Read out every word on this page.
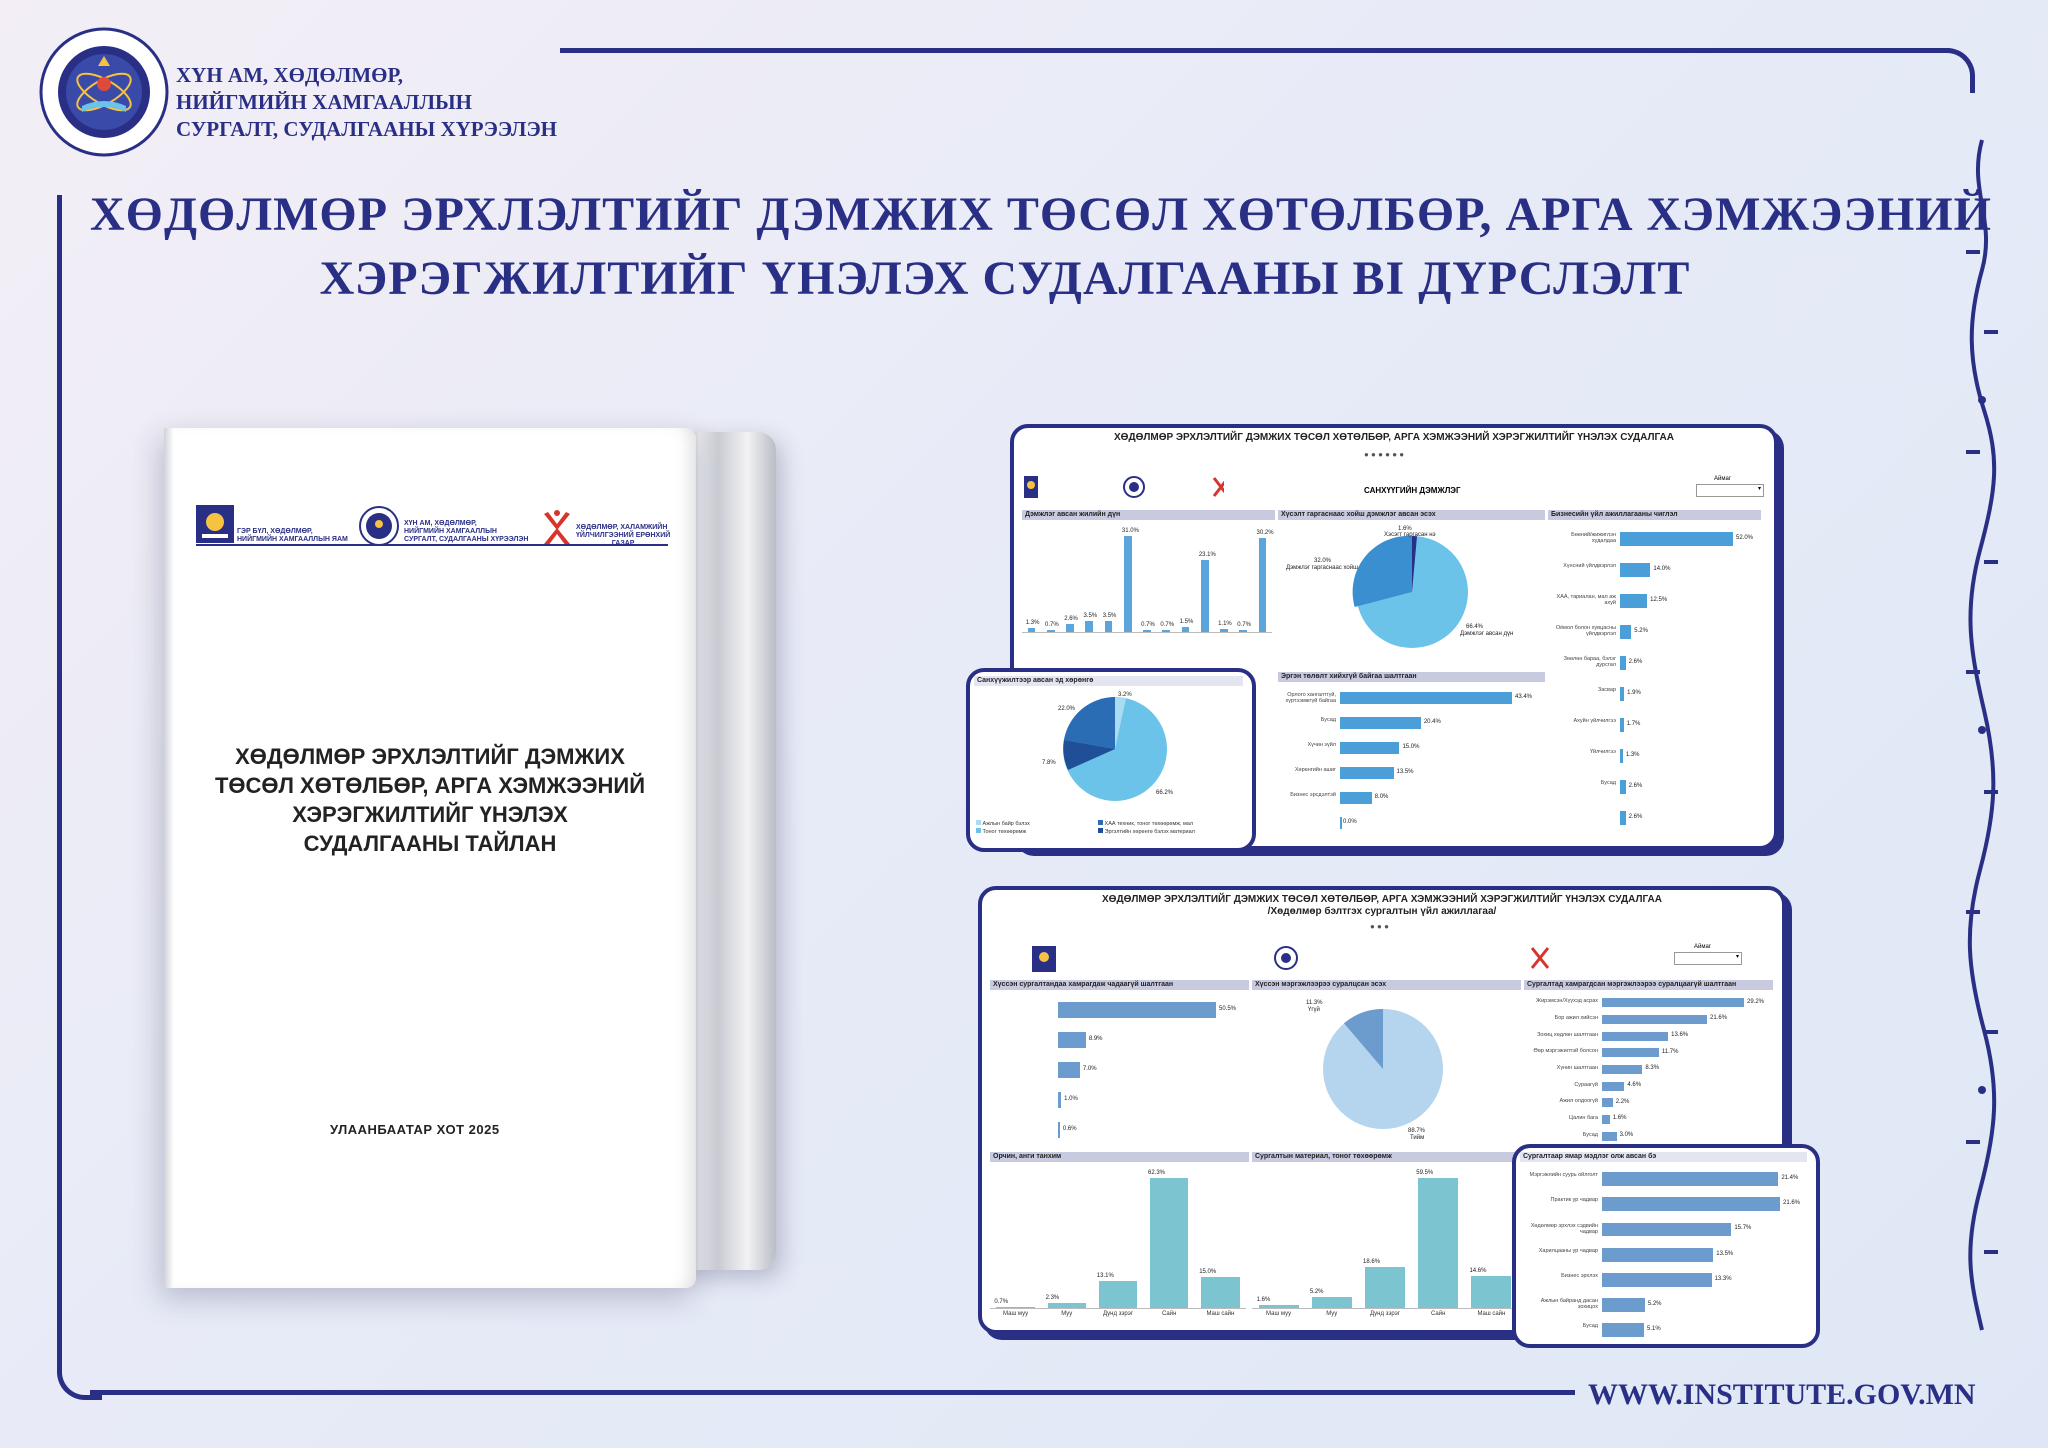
ХҮН АМ, ХӨДӨЛМӨР,
НИЙГМИЙН ХАМГААЛЛЫН
СУРГАЛТ, СУДАЛГААНЫ ХҮРЭЭЛЭН
ХӨДӨЛМӨР ЭРХЛЭЛТИЙГ ДЭМЖИХ ТӨСӨЛ ХӨТӨЛБӨР, АРГА ХЭМЖЭЭНИЙ
ХЭРЭГЖИЛТИЙГ ҮНЭЛЭХ СУДАЛГААНЫ BI ДҮРСЛЭЛТ
WWW.INSTITUTE.GOV.MN
ГЭР БҮЛ, ХӨДӨЛМӨР,
НИЙГМИЙН ХАМГААЛЛЫН ЯАМ
ХҮН АМ, ХӨДӨЛМӨР,
НИЙГМИЙН ХАМГААЛЛЫН
СУРГАЛТ, СУДАЛГААНЫ ХҮРЭЭЛЭН
ХӨДӨЛМӨР, ХАЛАМЖИЙН
ҮЙЛЧИЛГЭЭНИЙ ЕРӨНХИЙ
ХӨДӨЛМӨР ЭРХЛЭЛТИЙГ ДЭМЖИХ
ТӨСӨЛ ХӨТӨЛБӨР, АРГА ХЭМЖЭЭНИЙ
ХЭРЭГЖИЛТИЙГ ҮНЭЛЭХ
СУДАЛГААНЫ ТАЙЛАН
УЛААНБААТАР ХОТ 2025
ХӨДӨЛМӨР ЭРХЛЭЛТИЙГ ДЭМЖИХ ТӨСӨЛ ХӨТӨЛБӨР, АРГА ХЭМЖЭЭНИЙ ХЭРЭГЖИЛТИЙГ ҮНЭЛЭХ СУДАЛГАА
● ● ● ● ● ●
САНХҮҮГИЙН ДЭМЖЛЭГ
Аймаг
▾
Дэмжлэг авсан жилийн дүн
1.3% 0.7%
2.6% 3.5% 3.5%
31.0%
0.7% 0.7% 1.5%
23.1%
1.1% 0.7%
30.2%
Хүсэлт гаргаснаас хойш дэмжлэг авсан эсэх
1.6%
Хэсэгт гаргасан нэ
32.0%
Дэмжлэг гаргаснаас хойш
66.4%
Дэмжлэг авсан дүн
Бизнесийн үйл ажиллагааны чиглэл
Бөөний/жижиглэн худалдаа	52.0%
Хүнсний үйлдвэрлэл	14.0%
ХАА, тариалан, мал аж ахуй	12.5%
Оёмол болон хувцасны үйлдвэрлэл	5.2%
Зөөлөн бараа, бэлэг дурсгал 2.6%
Засвар 1.9%
Ахуйн үйлчилгээ 1.7%
Үйлчилгээ 1.3%
Бусад 2.6%
2.6%
Эргэн төлөлт хийхгүй байгаа шалтгаан
Орлого хангалтгүй, хүртээмжгүй байгаа
43.4%
Бусад	20.4%
Хүчин зүйл	15.0%
Хөрөнгийн ашиг	13.5%
Бизнес эрсдэлтэй	8.0%
0.0%
Санхүүжилтээр авсан эд хөрөнгө
22.0%
3.2%
7.8%
66.2%
Ажлын байр бэлэх
Тоног төхөөрөмж
ХАА техник, тоног төхөөрөмж, мал
Эргэлтийн хөрөнгө бэлэх материал
ХӨДӨЛМӨР ЭРХЛЭЛТИЙГ ДЭМЖИХ ТӨСӨЛ ХӨТӨЛБӨР, АРГА ХЭМЖЭЭНИЙ ХЭРЭГЖИЛТИЙГ ҮНЭЛЭХ СУДАЛГАА
/Хөдөлмөр бэлтгэх сургалтын үйл ажиллагаа/
● ● ●
Аймаг
▾
Хүссэн сургалтандаа хамрагдаж чадаагүй шалтгаан
50.5%
8.9%
7.0%
1.0%
0.6%
Хүссэн мэргэжлээрээ суралцсан эсэх
11.3%
Үгүй
88.7%
Тийм
Сургалтад хамрагдсан мэргэжлээрээ суралцаагүй шалтгаан
Жирэмсэн/Хүүхэд асрах	29.2%
Бор ажил хийсэн	21.6%
Зохиц хөдлөн шалтгаан	13.6%
Өөр мэргэжилтэй болсон	11.7%
Хүнин шалтгаан	8.3%
Сураагүй	4.6%
Ажил олдоогүй	2.2%
Цалин бага 1.6%
Бусад	3.0%
Орчин, анги танхим
0.7%
Маш муу
2.3%
Муу
13.1%
Дунд зэрэг
62.3%
Сайн
15.0%
Маш сайн
Сургалтын материал, тоног төхөөрөмж
1.6%
Маш муу
5.2%
Муу
18.6%
Дунд зэрэг
59.5%
Сайн
14.6%
Маш сайн
Сургалтаар ямар мэдлэг олж авсан бэ
Мэргэжлийн суурь ойлголт	21.4%
Практик ур чадвар	21.6%
Хөдөлмөр эрхлэх сэдвийн чадвар
15.7%
Харилцааны ур чадвар	13.5%
Бизнес эрхлэх	13.3%
Ажлын байранд дасан зохицох
5.2%
Бусад	5.1%
